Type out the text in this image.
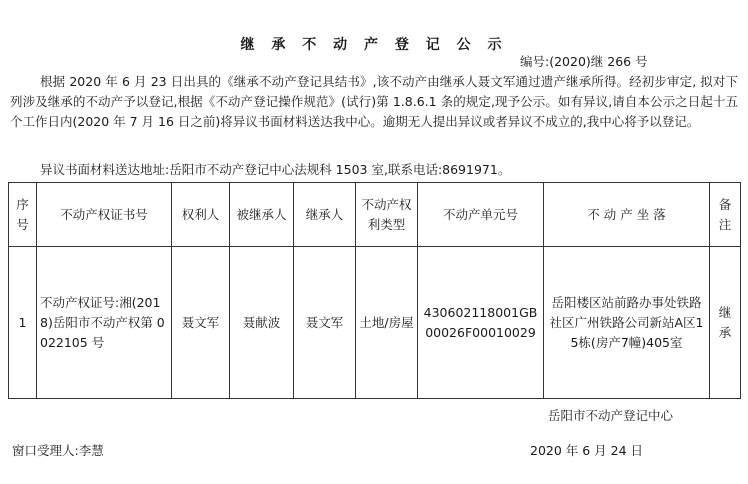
继 承 不 动 产 登 记 公 示
编号:(2020)继 266 号
根据 2020 年 6 月 23 日出具的《继承不动产登记具结书》,该不动产由继承人聂文军通过遗产继承所得。经初步审定, 拟对下列涉及继承的不动产予以登记,根据《不动产登记操作规范》(试行)第 1.8.6.1 条的规定,现予公示。如有异议,请自本公示之日起十五个工作日内(2020 年 7 月 16 日之前)将异议书面材料送达我中心。逾期无人提出异议或者异议不成立的,我中心将予以登记。
异议书面材料送达地址:岳阳市不动产登记中心法规科 1503 室,联系电话:8691971。
序号	不动产权证书号	权利人	被继承人	继承人	不动产权利类型	不动产单元号	不 动 产 坐 落	备注
1	不动产权证号:湘(2018)岳阳市不动产权第 0022105 号	聂文军	聂献波	聂文军	土地/房屋	430602118001GB00026F00010029	岳阳楼区站前路办事处铁路社区广州铁路公司新站A区15栋(房产7幢)405室	继承
岳阳市不动产登记中心
窗口受理人:李慧	2020 年 6 月 24 日
